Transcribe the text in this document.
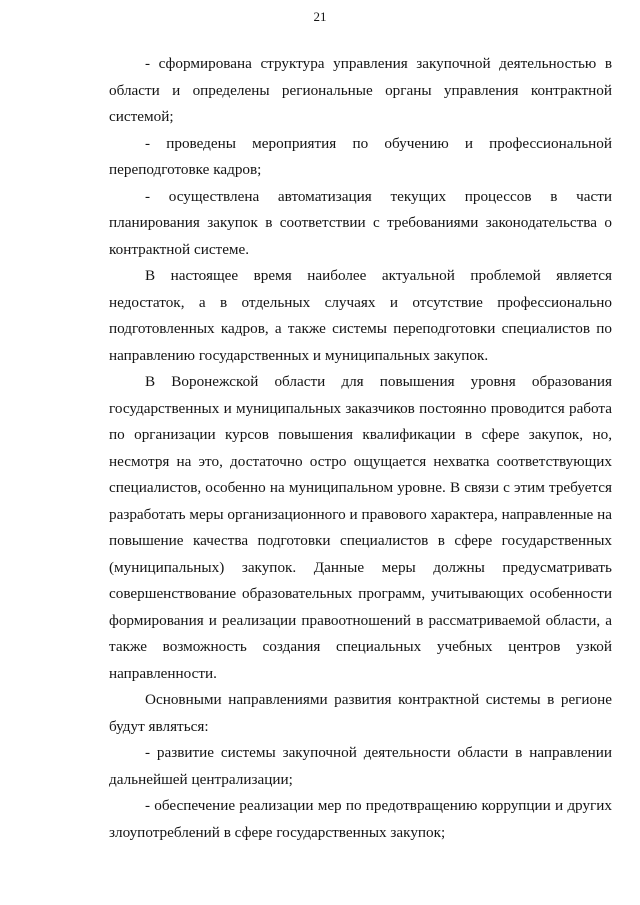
21

- сформирована структура управления закупочной деятельностью в области и определены региональные органы управления контрактной системой;

- проведены мероприятия по обучению и профессиональной переподготовке кадров;

- осуществлена автоматизация текущих процессов в части планирования закупок в соответствии с требованиями законодательства о контрактной системе.

В настоящее время наиболее актуальной проблемой является недостаток, а в отдельных случаях и отсутствие профессионально подготовленных кадров, а также системы переподготовки специалистов по направлению государственных и муниципальных закупок.

В Воронежской области для повышения уровня образования государственных и муниципальных заказчиков постоянно проводится работа по организации курсов повышения квалификации в сфере закупок, но, несмотря на это, достаточно остро ощущается нехватка соответствующих специалистов, особенно на муниципальном уровне. В связи с этим требуется разработать меры организационного и правового характера, направленные на повышение качества подготовки специалистов в сфере государственных (муниципальных) закупок. Данные меры должны предусматривать совершенствование образовательных программ, учитывающих особенности формирования и реализации правоотношений в рассматриваемой области, а также возможность создания специальных учебных центров узкой направленности.

Основными направлениями развития контрактной системы в регионе будут являться:

- развитие системы закупочной деятельности области в направлении дальнейшей централизации;

- обеспечение реализации мер по предотвращению коррупции и других злоупотреблений в сфере государственных закупок;
